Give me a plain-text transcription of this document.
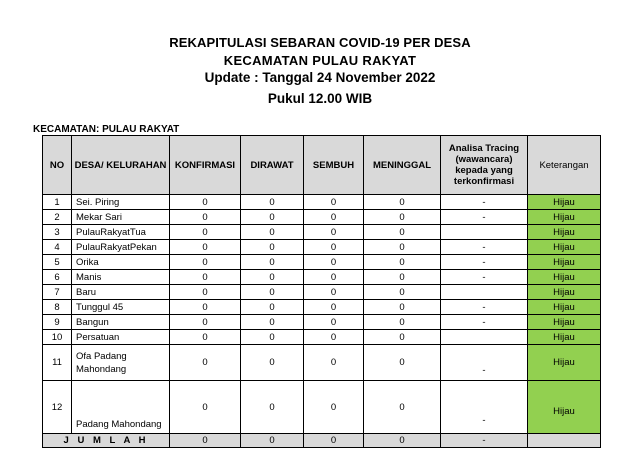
REKAPITULASI SEBARAN COVID-19 PER DESA
KECAMATAN PULAU RAKYAT
Update : Tanggal 24 November 2022
Pukul 12.00 WIB
KECAMATAN: PULAU RAKYAT
NO	DESA/ KELURAHAN	KONFIRMASI	DIRAWAT	SEMBUH	MENINGGAL	Analisa Tracing (wawancara) kepada yang terkonfirmasi	Keterangan
1	Sei. Piring	0	0	0	0	-	Hijau
2	Mekar Sari	0	0	0	0	-	Hijau
3	PulauRakyatTua	0	0	0	0		Hijau
4	PulauRakyatPekan	0	0	0	0	-	Hijau
5	Orika	0	0	0	0	-	Hijau
6	Manis	0	0	0	0	-	Hijau
7	Baru	0	0	0	0		Hijau
8	Tunggul 45	0	0	0	0	-	Hijau
9	Bangun	0	0	0	0	-	Hijau
10	Persatuan	0	0	0	0		Hijau
11	Ofa Padang Mahondang	0	0	0	0	-	Hijau
12	Padang Mahondang	0	0	0	0	-	Hijau
J U M L A H		0	0	0	0	-	
